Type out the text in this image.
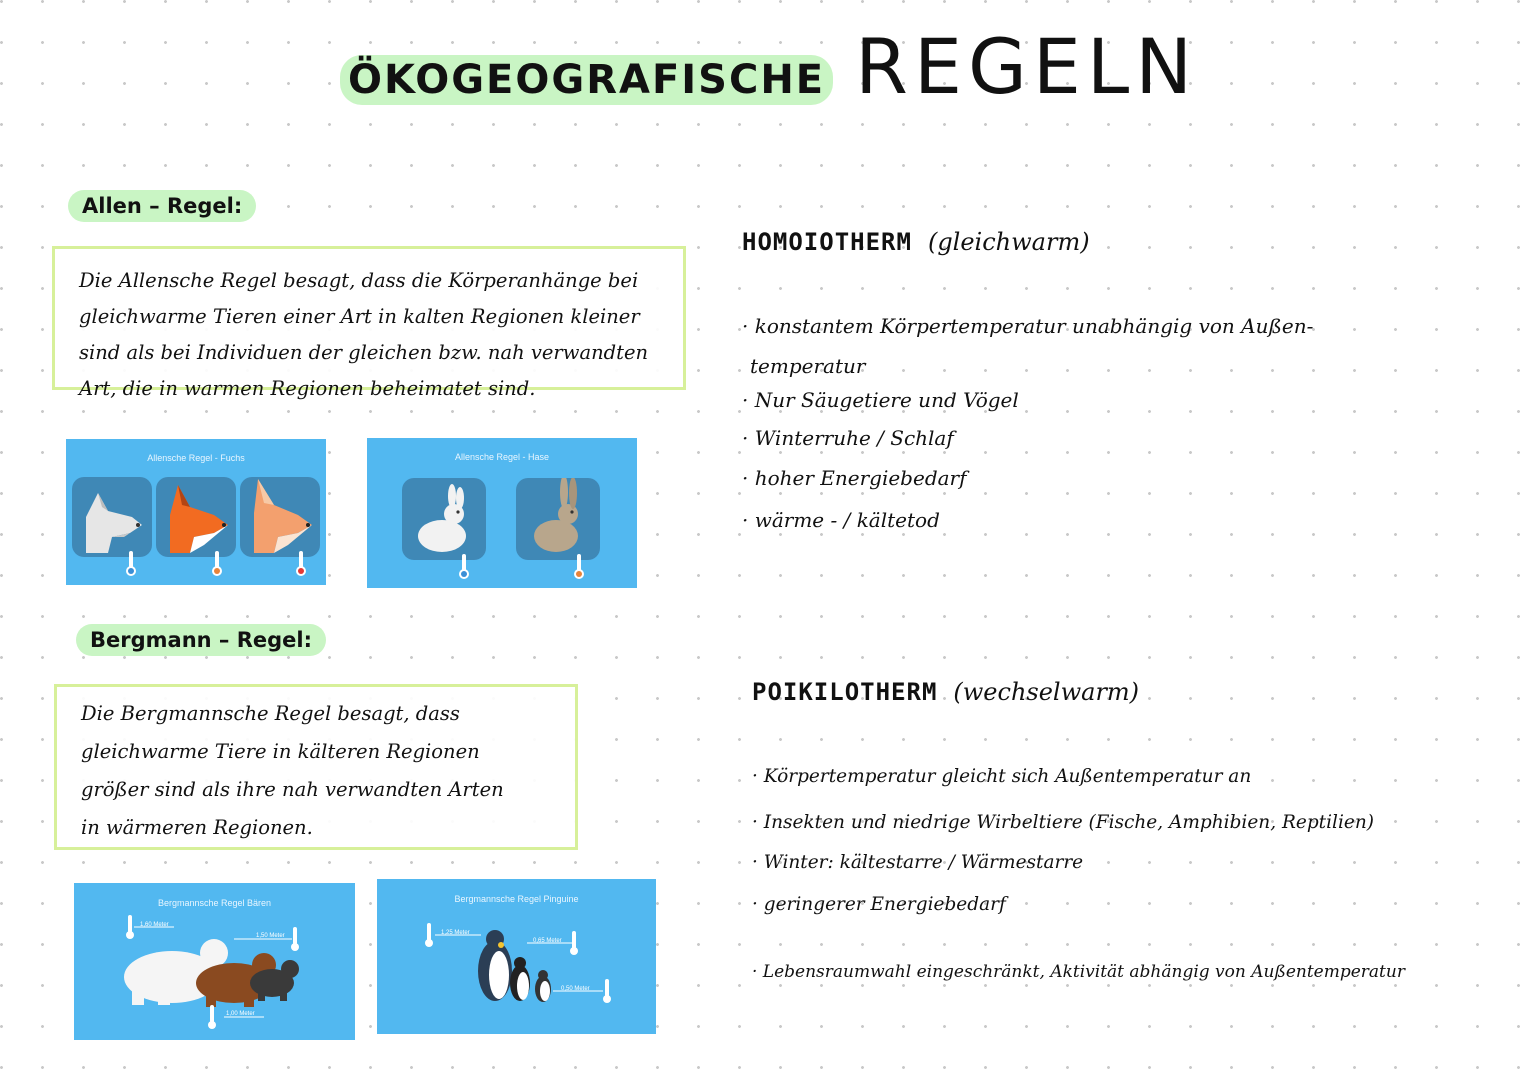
ÖKOGEOGRAFISCHE REGELN
Allen – Regel:
Die Allensche Regel besagt, dass die Körperanhänge bei
gleichwarme Tieren einer Art in kalten Regionen kleiner
sind als bei Individuen der gleichen bzw. nah verwandten
Art, die in warmen Regionen beheimatet sind.
Allensche Regel - Fuchs	Allensche Regel - Hase
Bergmann – Regel:
Die Bergmannsche Regel besagt, dass
gleichwarme Tiere in kälteren Regionen
größer sind als ihre nah verwandten Arten
in wärmeren Regionen.
Bergmannsche Regel Bären
1,60 Meter
1,50 Meter
1,00 Meter
Bergmannsche Regel Pinguine
1,25 Meter
0,65 Meter
0,50 Meter
HOMOIOTHERM (gleichwarm)
· konstantem Körpertemperatur unabhängig von Außen-
temperatur
· Nur Säugetiere und Vögel
· Winterruhe / Schlaf
· hoher Energiebedarf
· wärme - / kältetod
POIKILOTHERM (wechselwarm)
· Körpertemperatur gleicht sich Außentemperatur an
· Insekten und niedrige Wirbeltiere (Fische, Amphibien, Reptilien)
· Winter: kältestarre / Wärmestarre
· geringerer Energiebedarf
· Lebensraumwahl eingeschränkt, Aktivität abhängig von Außentemperatur
